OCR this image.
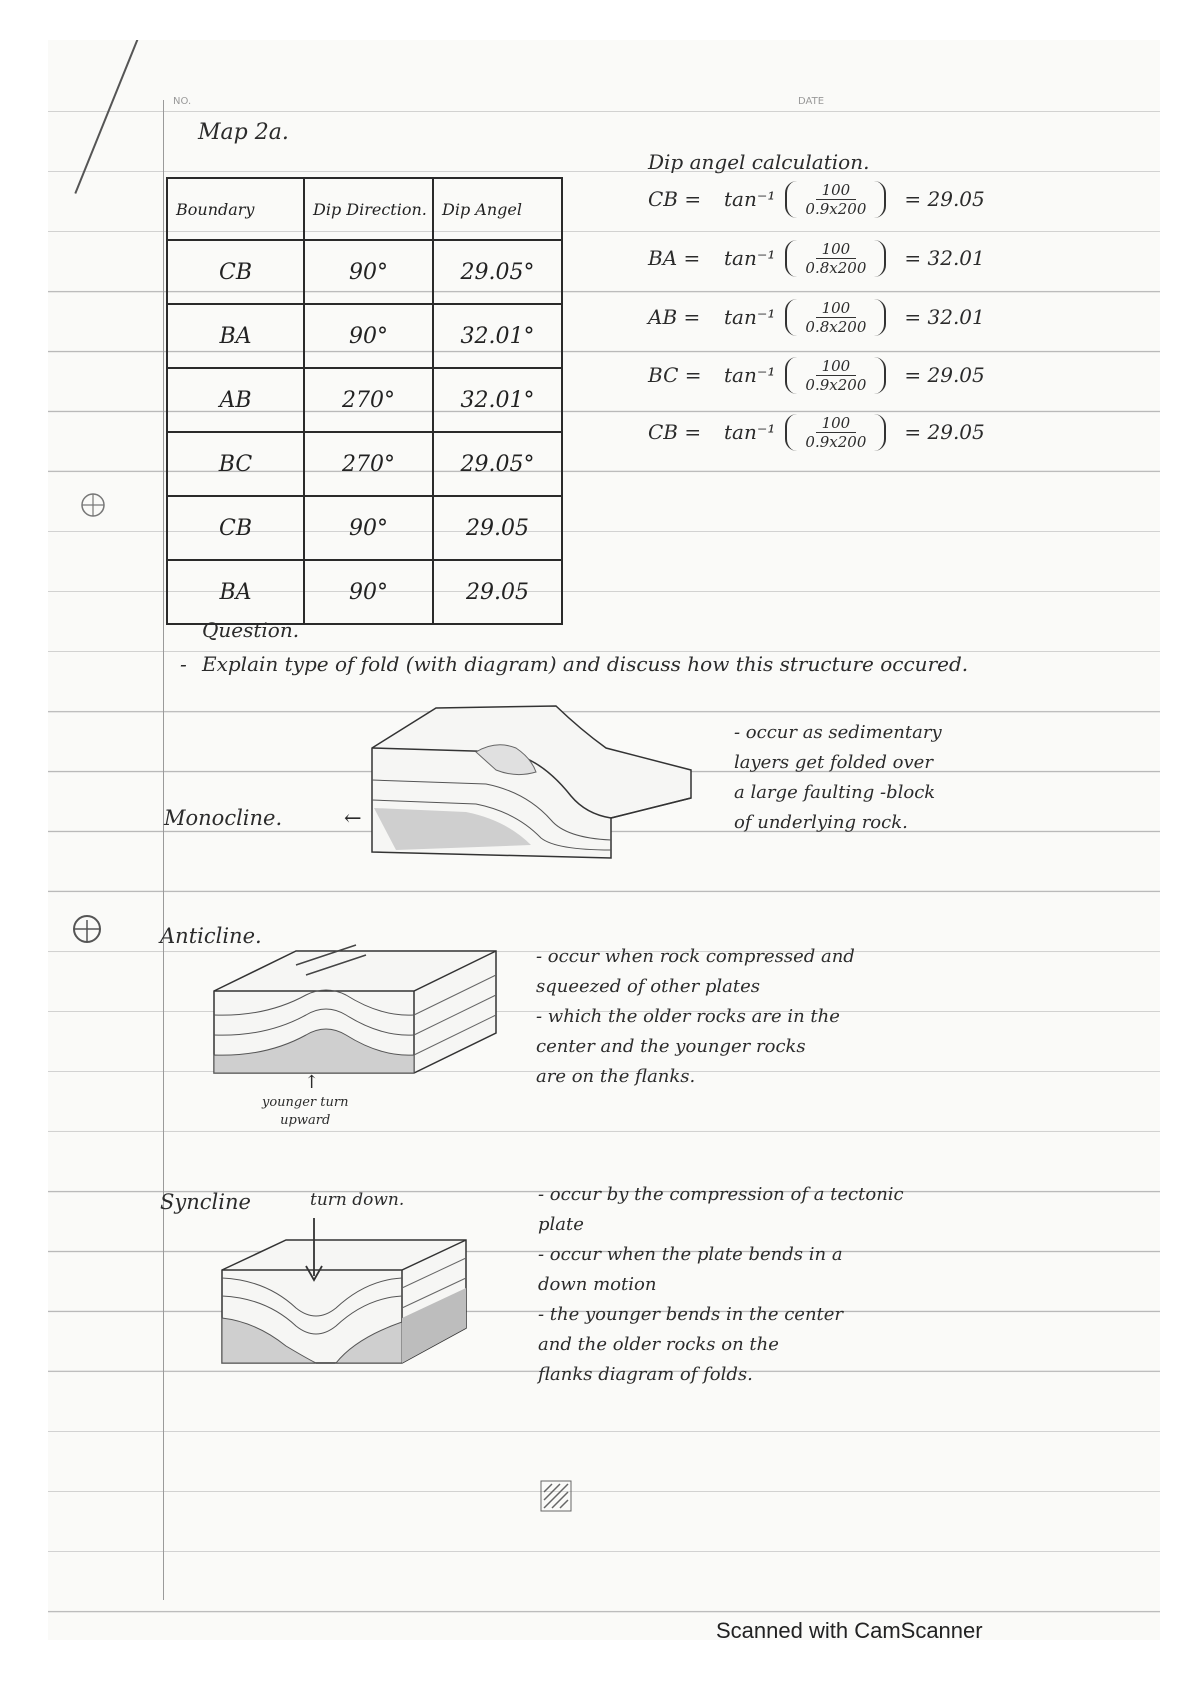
NO.	DATE
Map 2a.
Boundary	Dip Direction.	Dip Angel
CB	90°	29.05°
BA	90°	32.01°
AB	270°	32.01°
BC	270°	29.05°
CB	90°	29.05
BA	90°	29.05
Dip angel calculation.
CB =	$\tan^{-1} \frac{100}{0.9x200} = 29.05$
BA =	$\tan^{-1} \frac{100}{0.8x200} = 32.01$
AB =	$\tan^{-1} \frac{100}{0.8x200} = 32.01$
BC =	$\tan^{-1} \frac{100}{0.9x200} = 29.05$
CB =	$\tan^{-1} \frac{100}{0.9x200} = 29.05$
Question.
- Explain type of fold (with diagram) and discuss how this structure occured.
Monocline.	←
- occur as sedimentary
layers get folded over
a large faulting -block
of underlying rock.
Anticline.
↑
younger turn
upward
- occur when rock compressed and
squeezed of other plates
- which the older rocks are in the
center and the younger rocks
are on the flanks.
Syncline	turn down.	- occur by the compression of a tectonic
plate
- occur when the plate bends in a
down motion
- the younger bends in the center
and the older rocks on the
flanks diagram of folds.
Scanned with CamScanner
